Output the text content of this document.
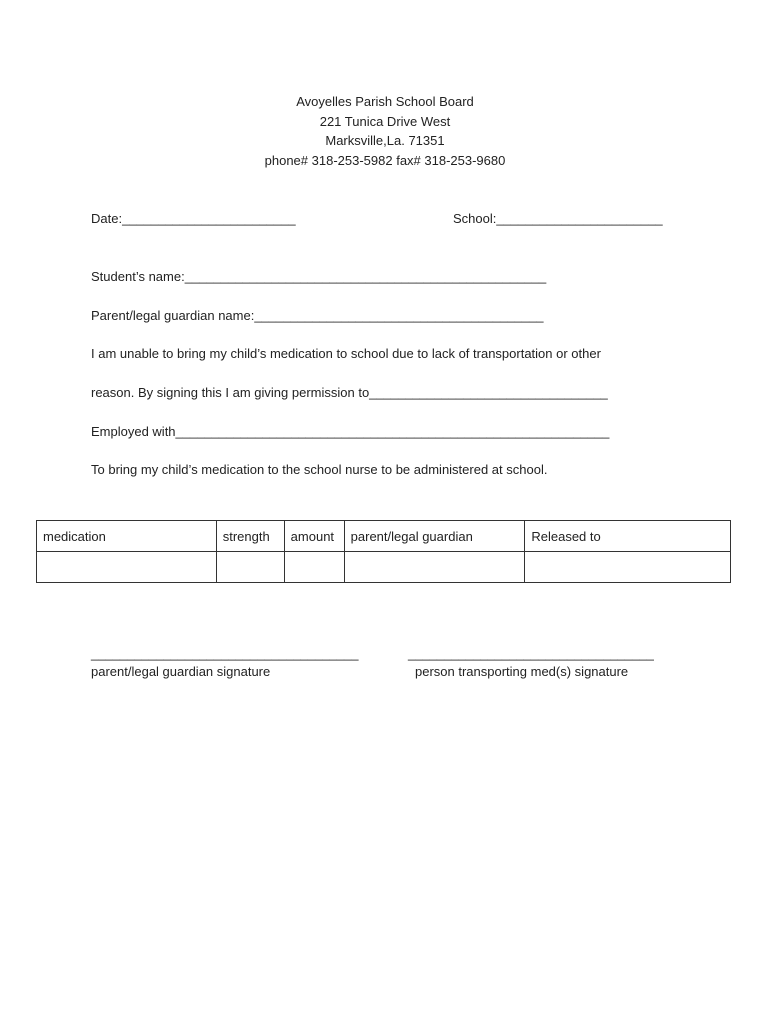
Avoyelles Parish School Board
221 Tunica Drive West
Marksville,La. 71351
phone# 318-253-5982 fax# 318-253-9680
Date:________________________	School:_______________________
Student’s name:__________________________________________________
Parent/legal guardian name:________________________________________
I am unable to bring my child’s medication to school due to lack of transportation or other
reason. By signing this I am giving permission to_________________________________
Employed with____________________________________________________________
To bring my child’s medication to the school nurse to be administered at school.
medication	strength	amount	parent/legal guardian	Released to

_____________________________________
parent/legal guardian signature
__________________________________
person transporting med(s) signature
